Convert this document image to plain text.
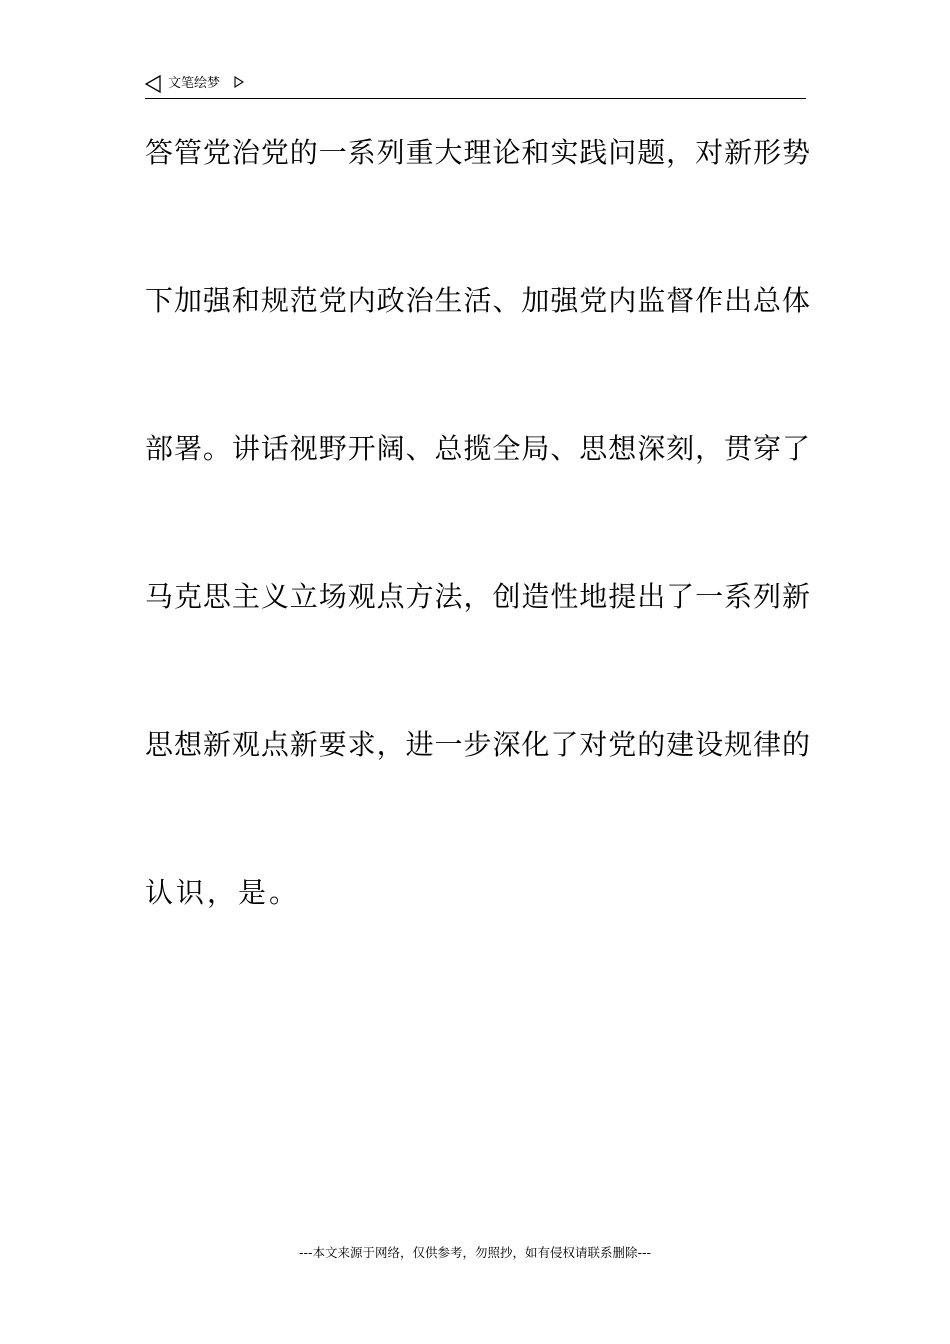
文笔绘梦
答管党治党的一系列重大理论和实践问题，对新形势
下加强和规范党内政治生活、加强党内监督作出总体
部署。讲话视野开阔、总揽全局、思想深刻，贯穿了
马克思主义立场观点方法，创造性地提出了一系列新
思想新观点新要求，进一步深化了对党的建设规律的
认识，是。
---本文来源于网络，仅供参考，勿照抄，如有侵权请联系删除---
